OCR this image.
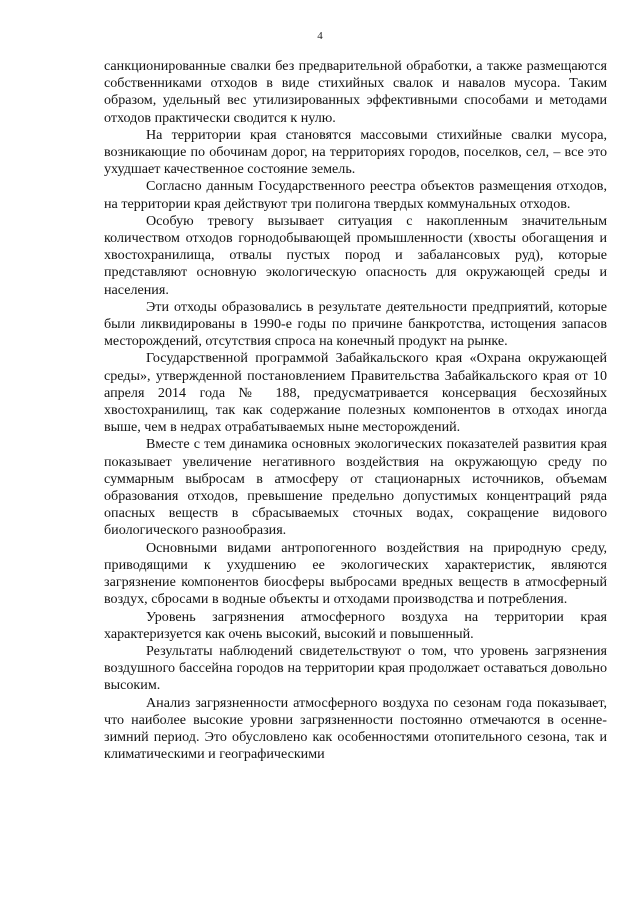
4

санкционированные свалки без предварительной обработки, а также размещаются собственниками отходов в виде стихийных свалок и навалов мусора. Таким образом, удельный вес утилизированных эффективными способами и методами отходов практически сводится к нулю.

На территории края становятся массовыми стихийные свалки мусора, возникающие по обочинам дорог, на территориях городов, поселков, сел, – все это ухудшает качественное состояние земель.

Согласно данным Государственного реестра объектов размещения отходов, на территории края действуют три полигона твердых коммунальных отходов.

Особую тревогу вызывает ситуация с накопленным значительным количеством отходов горнодобывающей промышленности (хвосты обогащения и хвостохранилища, отвалы пустых пород и забалансовых руд), которые представляют основную экологическую опасность для окружающей среды и населения.

Эти отходы образовались в результате деятельности предприятий, которые были ликвидированы в 1990-е годы по причине банкротства, истощения запасов месторождений, отсутствия спроса на конечный продукт на рынке.

Государственной программой Забайкальского края «Охрана окружающей среды», утвержденной постановлением Правительства Забайкальского края от 10 апреля 2014 года № 188, предусматривается консервация бесхозяйных хвостохранилищ, так как содержание полезных компонентов в отходах иногда выше, чем в недрах отрабатываемых ныне месторождений.

Вместе с тем динамика основных экологических показателей развития края показывает увеличение негативного воздействия на окружающую среду по суммарным выбросам в атмосферу от стационарных источников, объемам образования отходов, превышение предельно допустимых концентраций ряда опасных веществ в сбрасываемых сточных водах, сокращение видового биологического разнообразия.

Основными видами антропогенного воздействия на природную среду, приводящими к ухудшению ее экологических характеристик, являются загрязнение компонентов биосферы выбросами вредных веществ в атмосферный воздух, сбросами в водные объекты и отходами производства и потребления.

Уровень загрязнения атмосферного воздуха на территории края характеризуется как очень высокий, высокий и повышенный.

Результаты наблюдений свидетельствуют о том, что уровень загрязнения воздушного бассейна городов на территории края продолжает оставаться довольно высоким.

Анализ загрязненности атмосферного воздуха по сезонам года показывает, что наиболее высокие уровни загрязненности постоянно отмечаются в осенне-зимний период. Это обусловлено как особенностями отопительного сезона, так и климатическими и географическими
